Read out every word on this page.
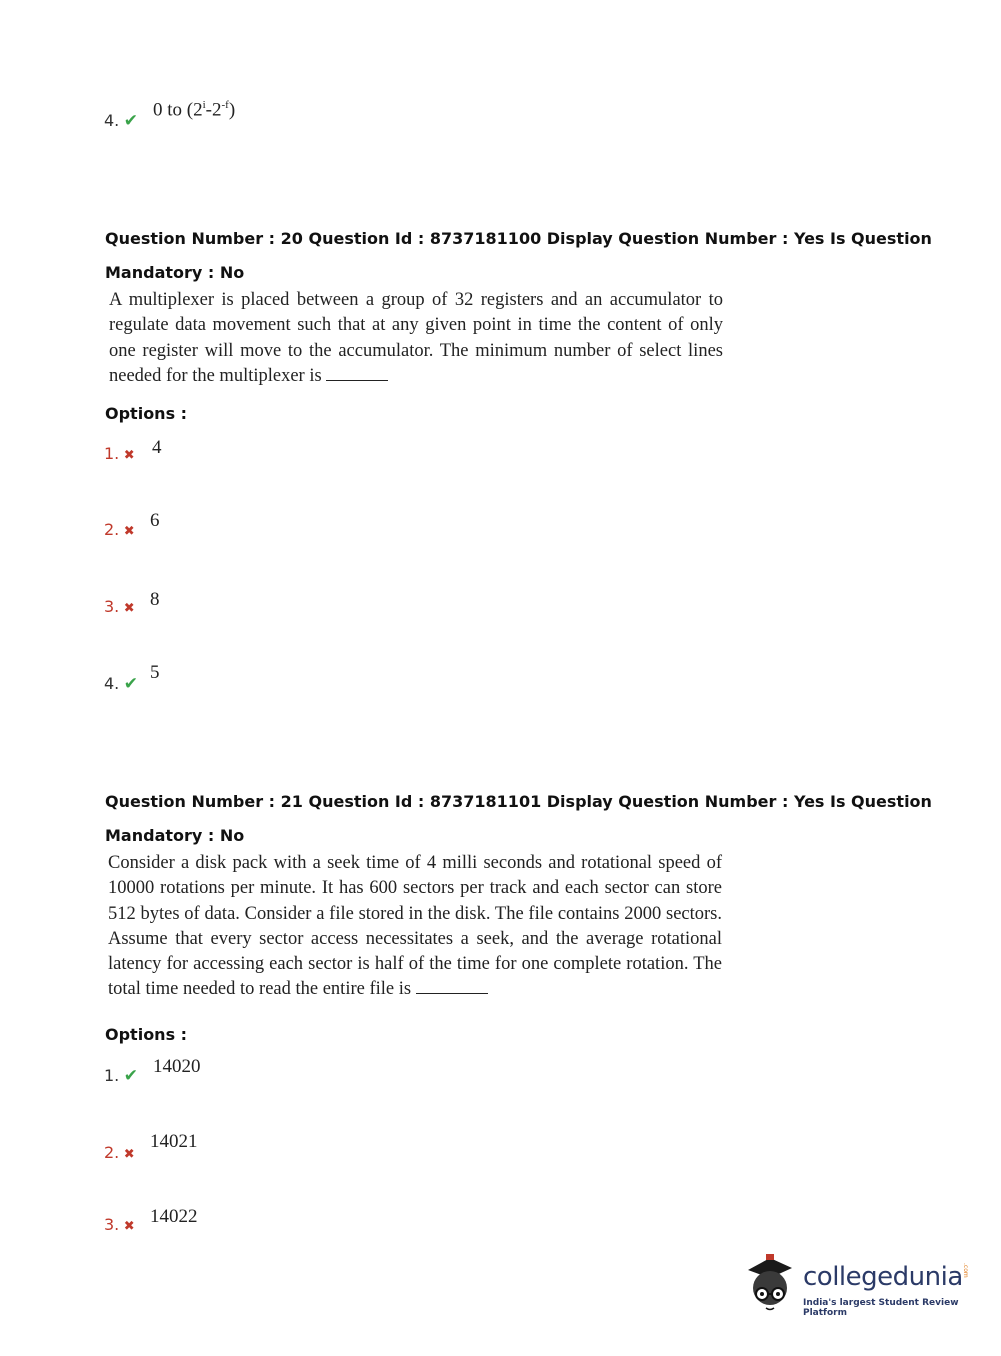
4. ✔
0 to $(2^i-2^{-f})$
Question Number : 20 Question Id : 8737181100 Display Question Number : Yes Is Question
Mandatory : No
A multiplexer is placed between a group of 32 registers and an accumulator to regulate data movement such that at any given point in time the content of only one register will move to the accumulator. The minimum number of select lines needed for the multiplexer is
Options :
1. ✖ 4
2. ✖
6
3. ✖ 8
4. ✔
5
Question Number : 21 Question Id : 8737181101 Display Question Number : Yes Is Question
Mandatory : No
Consider a disk pack with a seek time of 4 milli seconds and rotational speed of 10000 rotations per minute. It has 600 sectors per track and each sector can store 512 bytes of data. Consider a file stored in the disk. The file contains 2000 sectors. Assume that every sector access necessitates a seek, and the average rotational latency for accessing each sector is half of the time for one complete rotation. The total time needed to read the entire file is
Options :
1. ✔ 14020
2. ✖
14021
3. ✖ 14022
collegedunia .com
India's largest Student Review Platform
